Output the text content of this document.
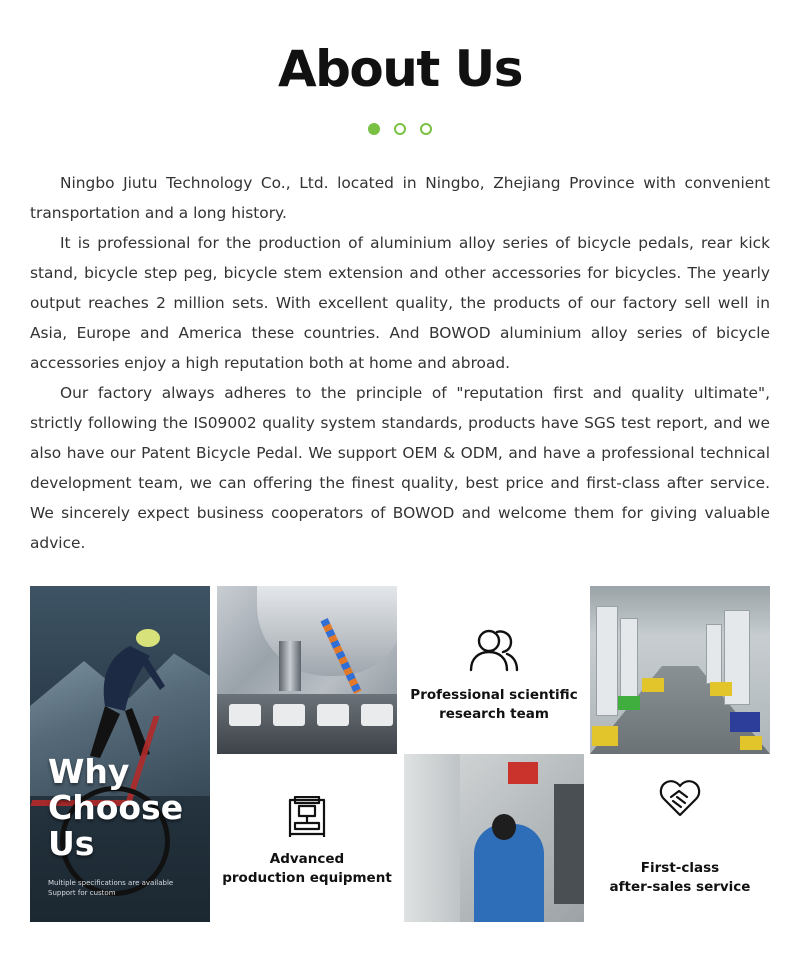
About Us

Ningbo Jiutu Technology Co., Ltd. located in Ningbo, Zhejiang Province with convenient transportation and a long history.

It is professional for the production of aluminium alloy series of bicycle pedals, rear kick stand, bicycle step peg, bicycle stem extension and other accessories for bicycles. The yearly output reaches 2 million sets. With excellent quality, the products of our factory sell well in Asia, Europe and America these countries. And BOWOD aluminium alloy series of bicycle accessories enjoy a high reputation both at home and abroad.

Our factory always adheres to the principle of "reputation first and quality ultimate", strictly following the IS09002 quality system standards, products have SGS test report, and we also have our Patent Bicycle Pedal. We support OEM & ODM, and have a professional technical development team, we can offering the finest quality, best price and first-class after service. We sincerely expect business cooperators of BOWOD and welcome them for giving valuable advice.

Why
Choose
Us
Multiple specifications are available
Support for custom
Professional scientific
research team
Advanced
production equipment
First-class
after-sales service
